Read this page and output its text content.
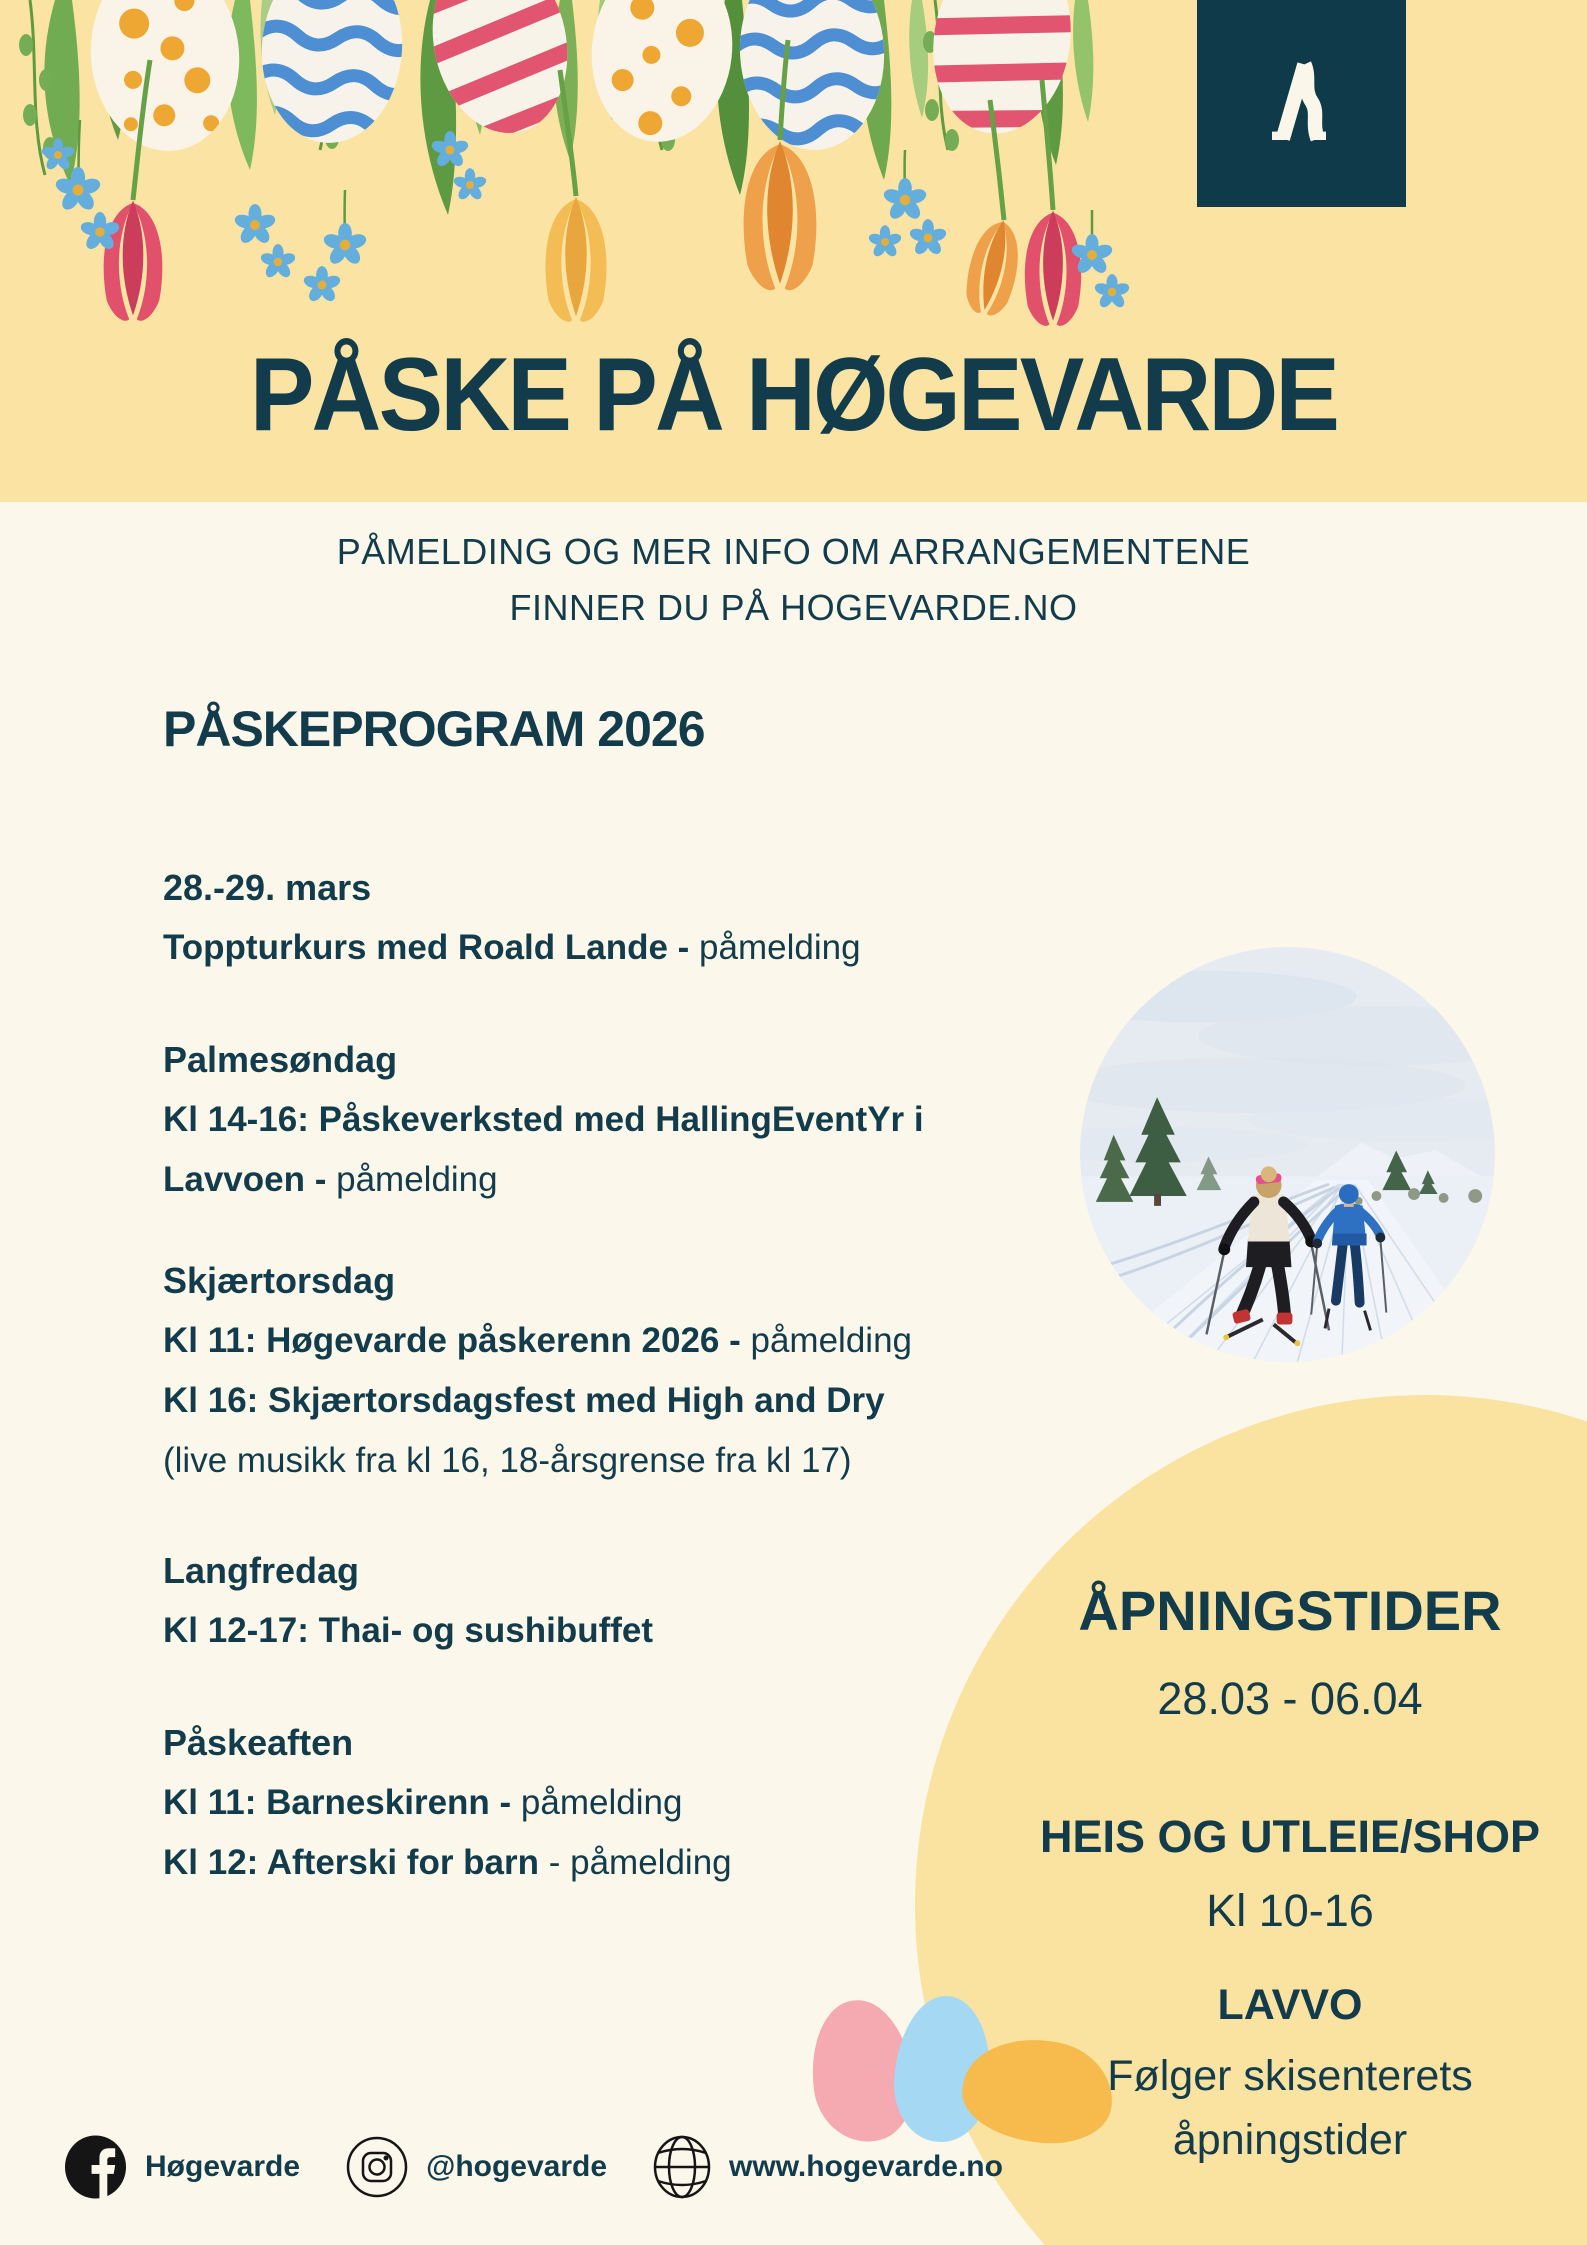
PÅSKE PÅ HØGEVARDE
PÅMELDING OG MER INFO OM ARRANGEMENTENE
FINNER DU PÅ HOGEVARDE.NO
PÅSKEPROGRAM 2026
28.-29. mars
Toppturkurs med Roald Lande - påmelding
Palmesøndag
Kl 14-16: Påskeverksted med HallingEventYr i Lavvoen - påmelding
Skjærtorsdag
Kl 11: Høgevarde påskerenn 2026 - påmelding
Kl 16: Skjærtorsdagsfest med High and Dry
(live musikk fra kl 16, 18-årsgrense fra kl 17)
Langfredag
Kl 12-17: Thai- og sushibuffet
Påskeaften
Kl 11: Barneskirenn - påmelding
Kl 12: Afterski for barn - påmelding
ÅPNINGSTIDER
28.03 - 06.04
HEIS OG UTLEIE/SHOP
Kl 10-16
LAVVO
Følger skisenterets åpningstider
Høgevarde	@hogevarde	www.hogevarde.no
